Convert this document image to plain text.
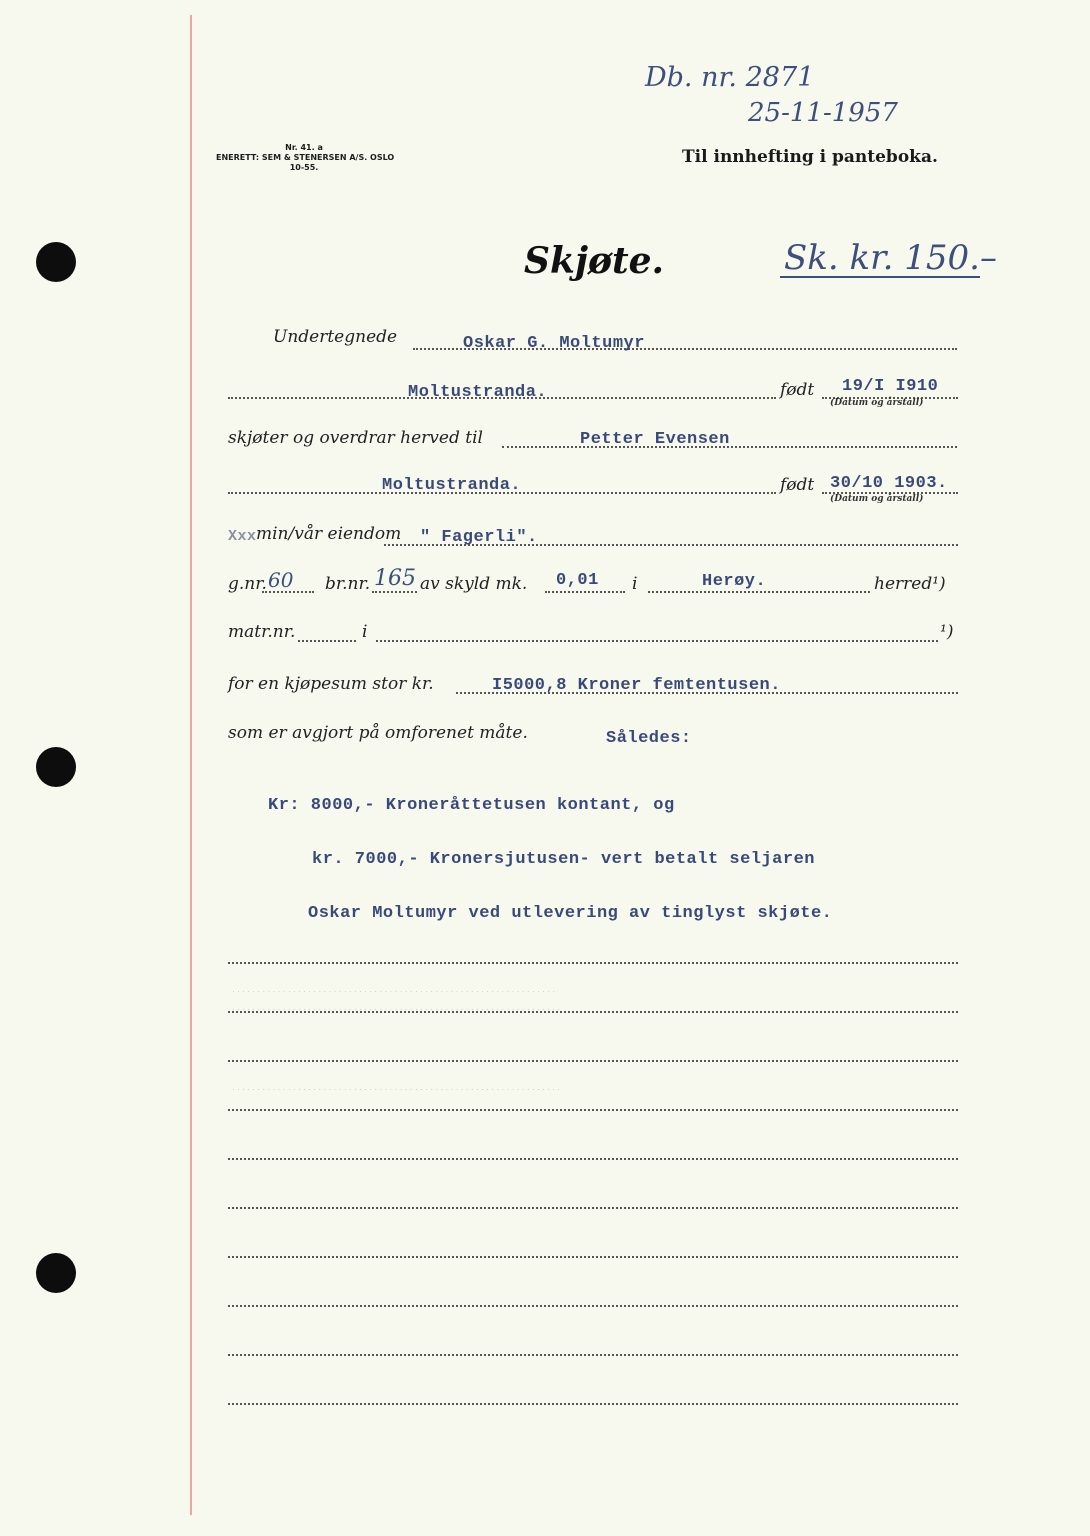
. . . . . . . . . . . . . . . . . . . . . . . . . . . . . . . . . . . . . . . . . . . . . . . . . . . . . . . . . . . . . . . .
. . . . . . . . . . . . . . . . . . . . . . . . . . . . . . . . . . . . . . . . . . . . . . . . . . . . . . . . . . . . . . . . .
. . . . . . . . . . . . . . . . . . . . . . . . . . . . . . . . . . . . . . . . . . . . . . . . . . . . . . . . . . . . . . . . .
Db. nr. 2871
25-11-1957
Nr. 41. a
ENERETT: SEM & STENERSEN A/S. OSLO
10-55.
Til innhefting i panteboka.
Skjøte.	Sk. kr. 150.–
Undertegnede	Oskar G. Moltumyr
Moltustranda.	født 19/I I910
(Datum og årstall)
skjøter og overdrar herved til	Petter Evensen
Moltustranda.	født 30/10 1903.
(Datum og årstall)
Xxx min/vår eiendom " Fagerli".
g.nr. 60 br.nr. 165 av skyld mk. 0,01 i	Herøy.	herred¹)
matr.nr.	i	¹)
for en kjøpesum stor kr.	I5000,8 Kroner femtentusen.
som er avgjort på omforenet måte.	Således:
Kr: 8000,- Kroneråttetusen kontant, og
kr. 7000,- Kronersjutusen- vert betalt seljaren
Oskar Moltumyr ved utlevering av tinglyst skjøte.
